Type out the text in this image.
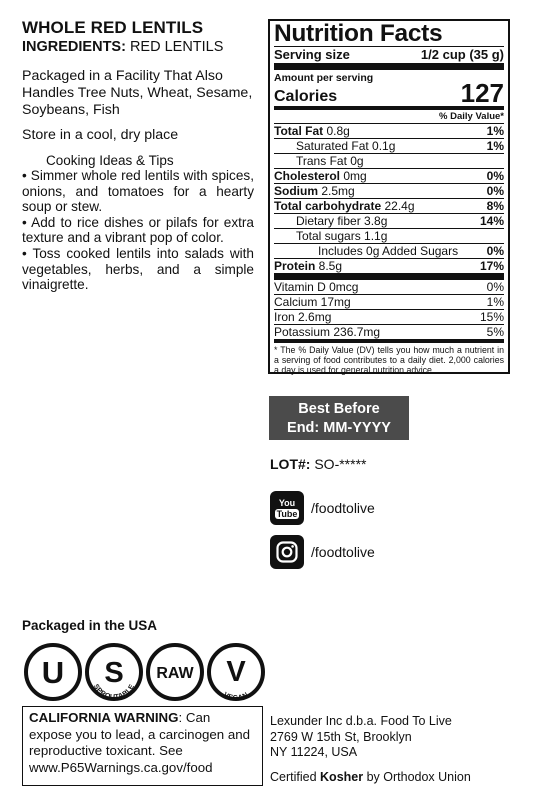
WHOLE RED LENTILS
INGREDIENTS: RED LENTILS
Packaged in a Facility That Also Handles Tree Nuts, Wheat, Sesame, Soybeans, Fish
Store in a cool, dry place
Cooking Ideas & Tips
• Simmer whole red lentils with spices, onions, and tomatoes for a hearty soup or stew.
• Add to rice dishes or pilafs for extra texture and a vibrant pop of color.
• Toss cooked lentils into salads with vegetables, herbs, and a simple vinaigrette.
Nutrition Facts
Serving size	1/2 cup (35 g)
Amount per serving
Calories	127
% Daily Value*
Total Fat 0.8g	1%
Saturated Fat 0.1g	1%
Trans Fat 0g
Cholesterol 0mg	0%
Sodium 2.5mg	0%
Total carbohydrate 22.4g	8%
Dietary fiber 3.8g	14%
Total sugars 1.1g
Includes 0g Added Sugars 0%
Protein 8.5g	17%
Vitamin D 0mcg	0%
Calcium 17mg	1%
Iron 2.6mg	15%
Potassium 236.7mg	5%
* The % Daily Value (DV) tells you how much a nutrient in a serving of food contributes to a daily diet. 2,000 calories a day is used for general nutrition advice.
Best Before
End: MM-YYYY
LOT#: SO-*****
You
Tube /foodtolive
/foodtolive
Packaged in the USA
U S
SPROUTABLE
RAW V
VEGAN
CALIFORNIA WARNING: Can expose you to lead, a carcinogen and reproductive toxicant. See www.P65Warnings.ca.gov/food
Lexunder Inc d.b.a. Food To Live
2769 W 15th St, Brooklyn
NY 11224, USA
Certified Kosher by Orthodox Union
